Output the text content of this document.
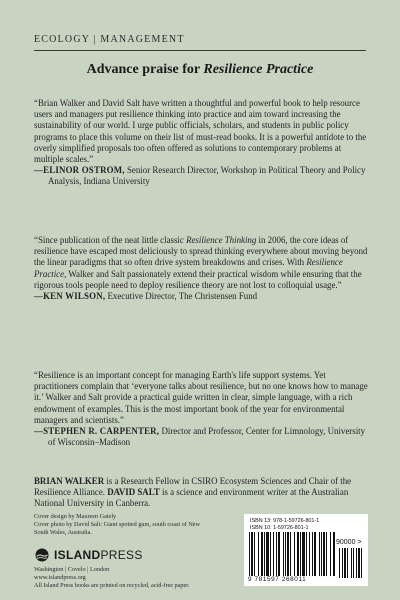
ECOLOGY | MANAGEMENT
Advance praise for Resilience Practice

“Brian Walker and David Salt have written a thoughtful and powerful book to help resource users and managers put resilience thinking into practice and aim toward increasing the sustainability of our world. I urge public officials, scholars, and students in public policy programs to place this volume on their list of must-read books. It is a powerful antidote to the overly simplified proposals too often offered as solutions to contemporary problems at multiple scales.”

—ELINOR OSTROM, Senior Research Director, Workshop in Political Theory and Policy Analysis, Indiana University

“Since publication of the neat little classic Resilience Thinking in 2006, the core ideas of resilience have escaped most deliciously to spread thinking everywhere about moving beyond the linear paradigms that so often drive system breakdowns and crises. With Resilience Practice, Walker and Salt passionately extend their practical wisdom while ensuring that the rigorous tools people need to deploy resilience theory are not lost to colloquial usage.”

—KEN WILSON, Executive Director, The Christensen Fund

“Resilience is an important concept for managing Earth's life support systems. Yet practitioners complain that ‘everyone talks about resilience, but no one knows how to manage it.’ Walker and Salt provide a practical guide written in clear, simple language, with a rich endowment of examples. This is the most important book of the year for environmental managers and scientists.”

—STEPHEN R. CARPENTER, Director and Professor, Center for Limnology, University of Wisconsin–Madison

BRIAN WALKER is a Research Fellow in CSIRO Ecosystem Sciences and Chair of the Resilience Alliance. DAVID SALT is a science and environment writer at the Australian National University in Canberra.
Cover design by Maureen Gately
Cover photo by David Salt: Giant spotted gum, south coast of New South Wales, Australia.
ISLANDPRESS
Washington | Covelo | London
www.islandpress.org
All Island Press books are printed on recycled, acid-free paper.
ISBN 13: 978-1-59726-801-1
ISBN 10: 1-59726-801-1
90000 >
9 781597 268011
